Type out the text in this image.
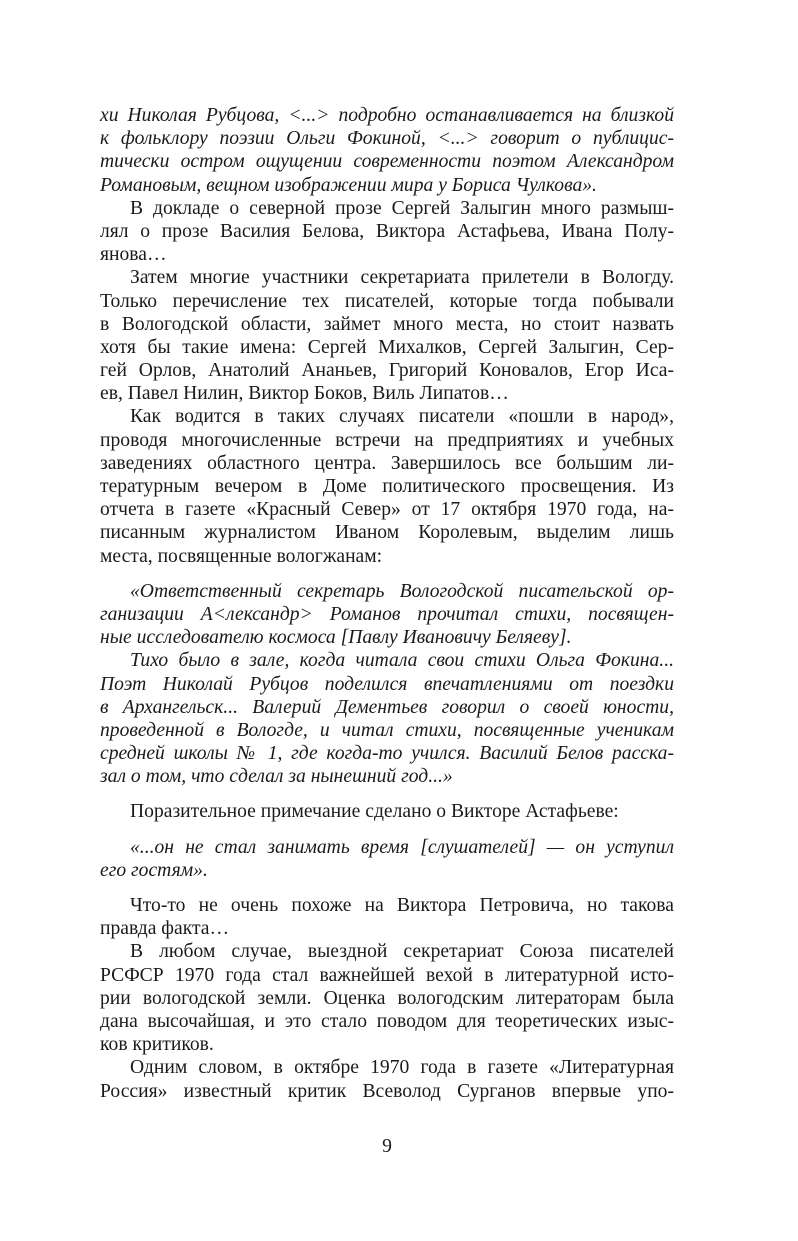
хи Николая Рубцова, <...> подробно останавливается на близкой
к фольклору поэзии Ольги Фокиной, <...> говорит о публицис-
тически остром ощущении современности поэтом Александром
Романовым, вещном изображении мира у Бориса Чулкова».
В докладе о северной прозе Сергей Залыгин много размыш-
лял о прозе Василия Белова, Виктора Астафьева, Ивана Полу-
янова…
Затем многие участники секретариата прилетели в Вологду.
Только перечисление тех писателей, которые тогда побывали
в Вологодской области, займет много места, но стоит назвать
хотя бы такие имена: Сергей Михалков, Сергей Залыгин, Сер-
гей Орлов, Анатолий Ананьев, Григорий Коновалов, Егор Иса-
ев, Павел Нилин, Виктор Боков, Виль Липатов…
Как водится в таких случаях писатели «пошли в народ»,
проводя многочисленные встречи на предприятиях и учебных
заведениях областного центра. Завершилось все большим ли-
тературным вечером в Доме политического просвещения. Из
отчета в газете «Красный Север» от 17 октября 1970 года, на-
писанным журналистом Иваном Королевым, выделим лишь
места, посвященные вологжанам:
«Ответственный секретарь Вологодской писательской ор-
ганизации А<лександр> Романов прочитал стихи, посвящен-
ные исследователю космоса [Павлу Ивановичу Беляеву].
Тихо было в зале, когда читала свои стихи Ольга Фокина...
Поэт Николай Рубцов поделился впечатлениями от поездки
в Архангельск... Валерий Дементьев говорил о своей юности,
проведенной в Вологде, и читал стихи, посвященные ученикам
средней школы № 1, где когда-то учился. Василий Белов расска-
зал о том, что сделал за нынешний год...»
Поразительное примечание сделано о Викторе Астафьеве:
«...он не стал занимать время [слушателей] — он уступил
его гостям».
Что-то не очень похоже на Виктора Петровича, но такова
правда факта…
В любом случае, выездной секретариат Союза писателей
РСФСР 1970 года стал важнейшей вехой в литературной исто-
рии вологодской земли. Оценка вологодским литераторам была
дана высочайшая, и это стало поводом для теоретических изыс-
ков критиков.
Одним словом, в октябре 1970 года в газете «Литературная
Россия» известный критик Всеволод Сурганов впервые упо-
9
